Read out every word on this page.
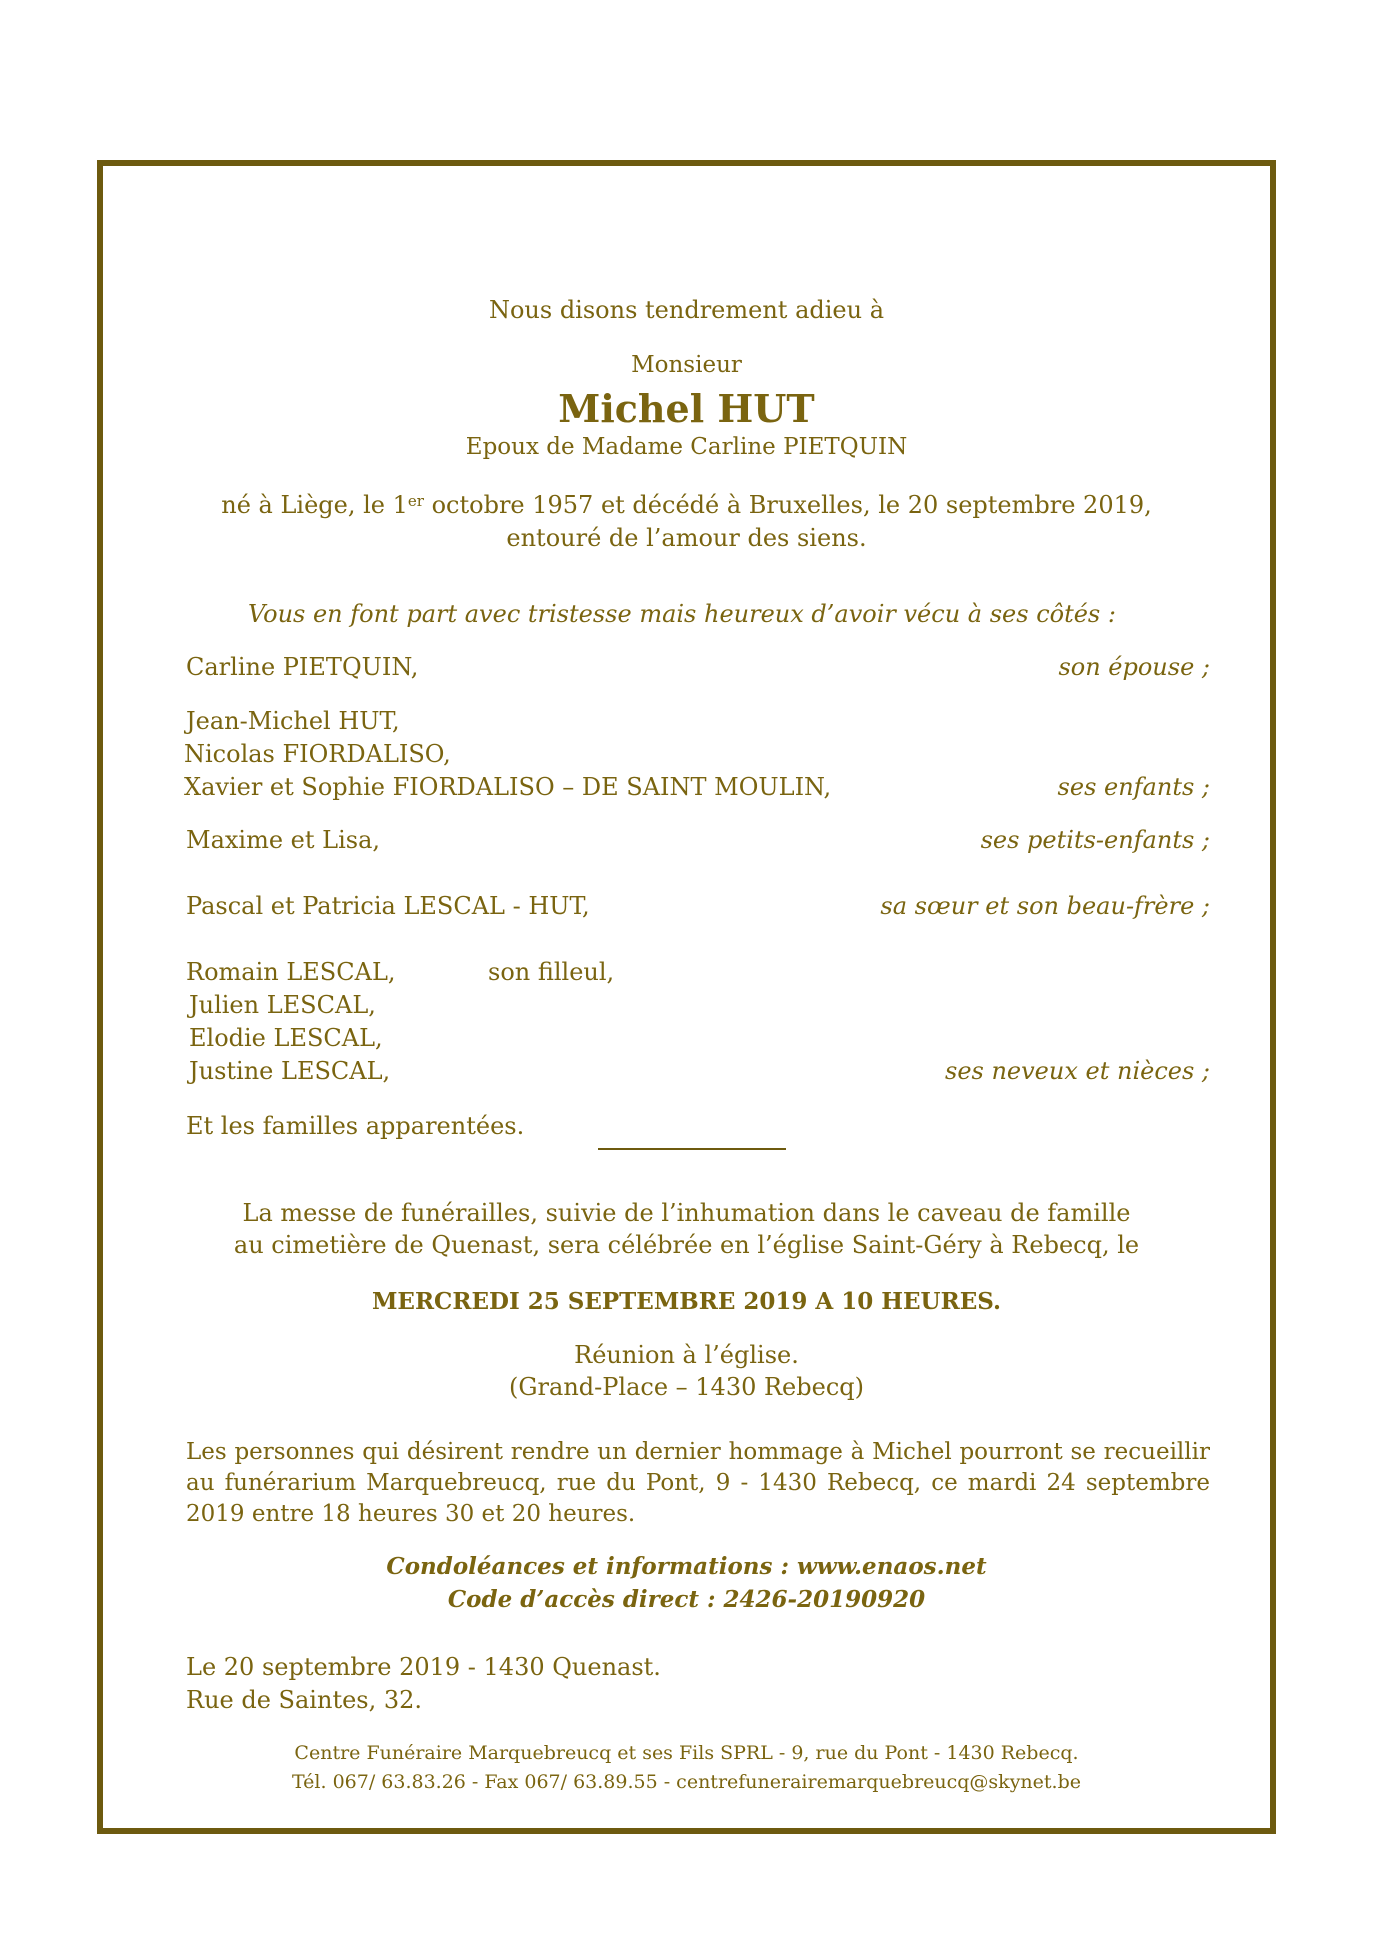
Nous disons tendrement adieu à
Monsieur
Michel HUT
Epoux de Madame Carline PIETQUIN
né à Liège, le 1er octobre 1957 et décédé à Bruxelles, le 20 septembre 2019,
entouré de l’amour des siens.
Vous en font part avec tristesse mais heureux d’avoir vécu à ses côtés :
Carline PIETQUIN,	son épouse ;
Jean-Michel HUT,
Nicolas FIORDALISO,
Xavier et Sophie FIORDALISO – DE SAINT MOULIN,	ses enfants ;
Maxime et Lisa,	ses petits-enfants ;
Pascal et Patricia LESCAL - HUT,	sa sœur et son beau-frère ;
Romain LESCAL,	son filleul,
Julien LESCAL,
Elodie LESCAL,
Justine LESCAL,	ses neveux et nièces ;
Et les familles apparentées.
La messe de funérailles, suivie de l’inhumation dans le caveau de famille
au cimetière de Quenast, sera célébrée en l’église Saint-Géry à Rebecq, le
MERCREDI 25 SEPTEMBRE 2019 A 10 HEURES.
Réunion à l’église.
(Grand-Place – 1430 Rebecq)
Les personnes qui désirent rendre un dernier hommage à Michel pourront se recueillir au funérarium Marquebreucq, rue du Pont, 9 - 1430 Rebecq, ce mardi 24 septembre 2019 entre 18 heures 30 et 20 heures.
Condoléances et informations : www.enaos.net
Code d’accès direct : 2426-20190920
Le 20 septembre 2019 - 1430 Quenast.
Rue de Saintes, 32.
Centre Funéraire Marquebreucq et ses Fils SPRL - 9, rue du Pont - 1430 Rebecq.
Tél. 067/ 63.83.26 - Fax 067/ 63.89.55 - centrefunerairemarquebreucq@skynet.be
